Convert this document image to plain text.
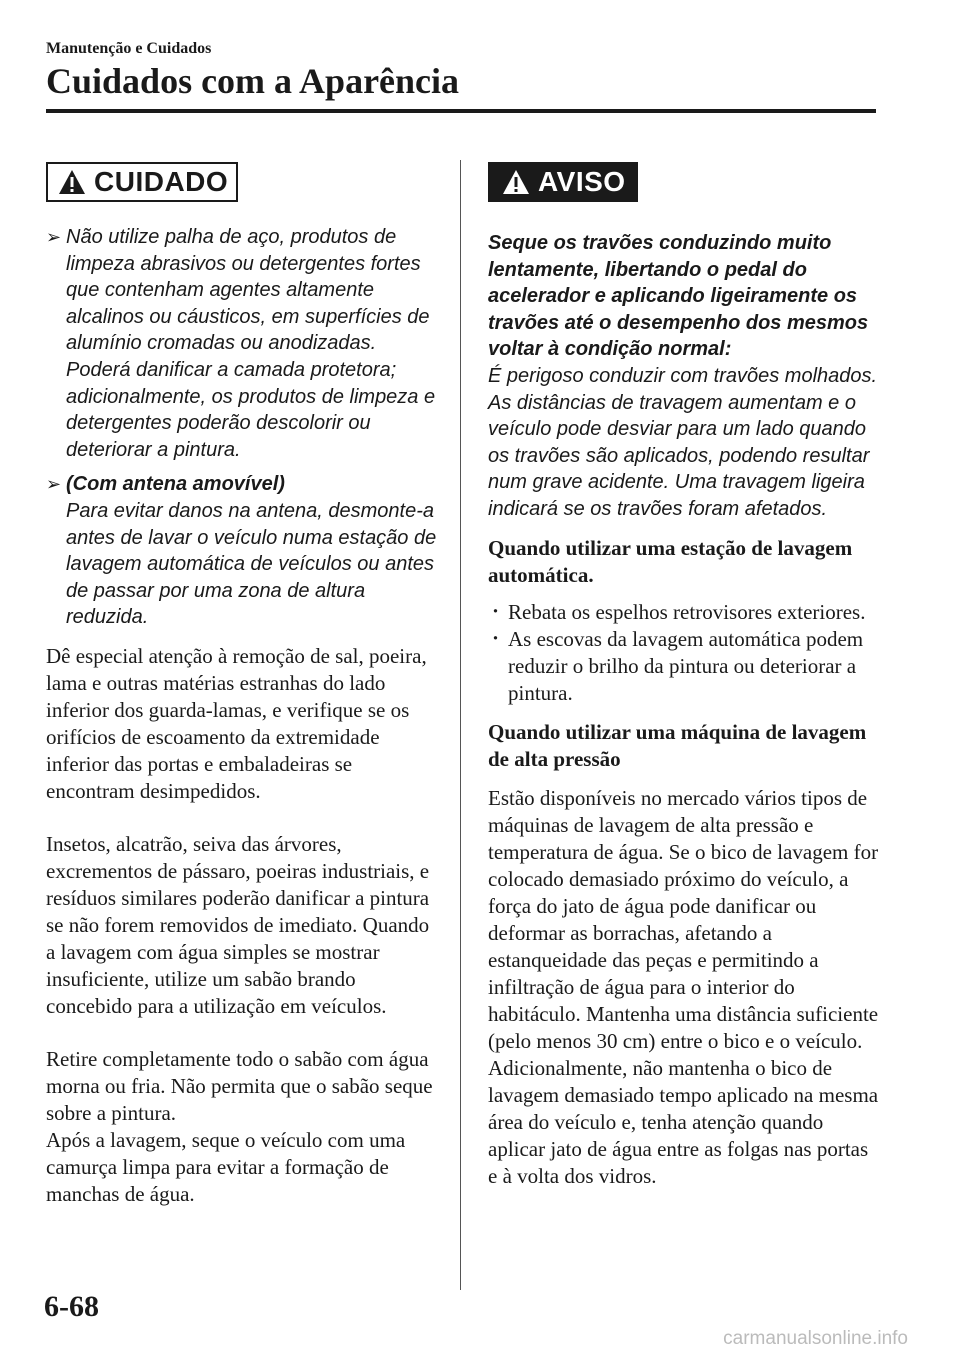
Manutenção e Cuidados
Cuidados com a Aparência
CUIDADO
➢ Não utilize palha de aço, produtos de limpeza abrasivos ou detergentes fortes que contenham agentes altamente alcalinos ou cáusticos, em superfícies de alumínio cromadas ou anodizadas. Poderá danificar a camada protetora; adicionalmente, os produtos de limpeza e detergentes poderão descolorir ou deteriorar a pintura.
➢ (Com antena amovível)
Para evitar danos na antena, desmonte-a antes de lavar o veículo numa estação de lavagem automática de veículos ou antes de passar por uma zona de altura reduzida.

Dê especial atenção à remoção de sal, poeira, lama e outras matérias estranhas do lado inferior dos guarda-lamas, e verifique se os orifícios de escoamento da extremidade inferior das portas e embaladeiras se encontram desimpedidos.

Insetos, alcatrão, seiva das árvores, excrementos de pássaro, poeiras industriais, e resíduos similares poderão danificar a pintura se não forem removidos de imediato. Quando a lavagem com água simples se mostrar insuficiente, utilize um sabão brando concebido para a utilização em veículos.

Retire completamente todo o sabão com água morna ou fria. Não permita que o sabão seque sobre a pintura.

Após a lavagem, seque o veículo com uma camurça limpa para evitar a formação de manchas de água.

AVISO
Seque os travões conduzindo muito lentamente, libertando o pedal do acelerador e aplicando ligeiramente os travões até o desempenho dos mesmos voltar à condição normal:
É perigoso conduzir com travões molhados. As distâncias de travagem aumentam e o veículo pode desviar para um lado quando os travões são aplicados, podendo resultar num grave acidente. Uma travagem ligeira indicará se os travões foram afetados.

Quando utilizar uma estação de lavagem automática.

· Rebata os espelhos retrovisores exteriores.
· As escovas da lavagem automática podem reduzir o brilho da pintura ou deteriorar a pintura.

Quando utilizar uma máquina de lavagem de alta pressão

Estão disponíveis no mercado vários tipos de máquinas de lavagem de alta pressão e temperatura de água. Se o bico de lavagem for colocado demasiado próximo do veículo, a força do jato de água pode danificar ou deformar as borrachas, afetando a estanqueidade das peças e permitindo a infiltração de água para o interior do habitáculo. Mantenha uma distância suficiente (pelo menos 30 cm) entre o bico e o veículo. Adicionalmente, não mantenha o bico de lavagem demasiado tempo aplicado na mesma área do veículo e, tenha atenção quando aplicar jato de água entre as folgas nas portas e à volta dos vidros.

6-68
carmanualsonline.info
